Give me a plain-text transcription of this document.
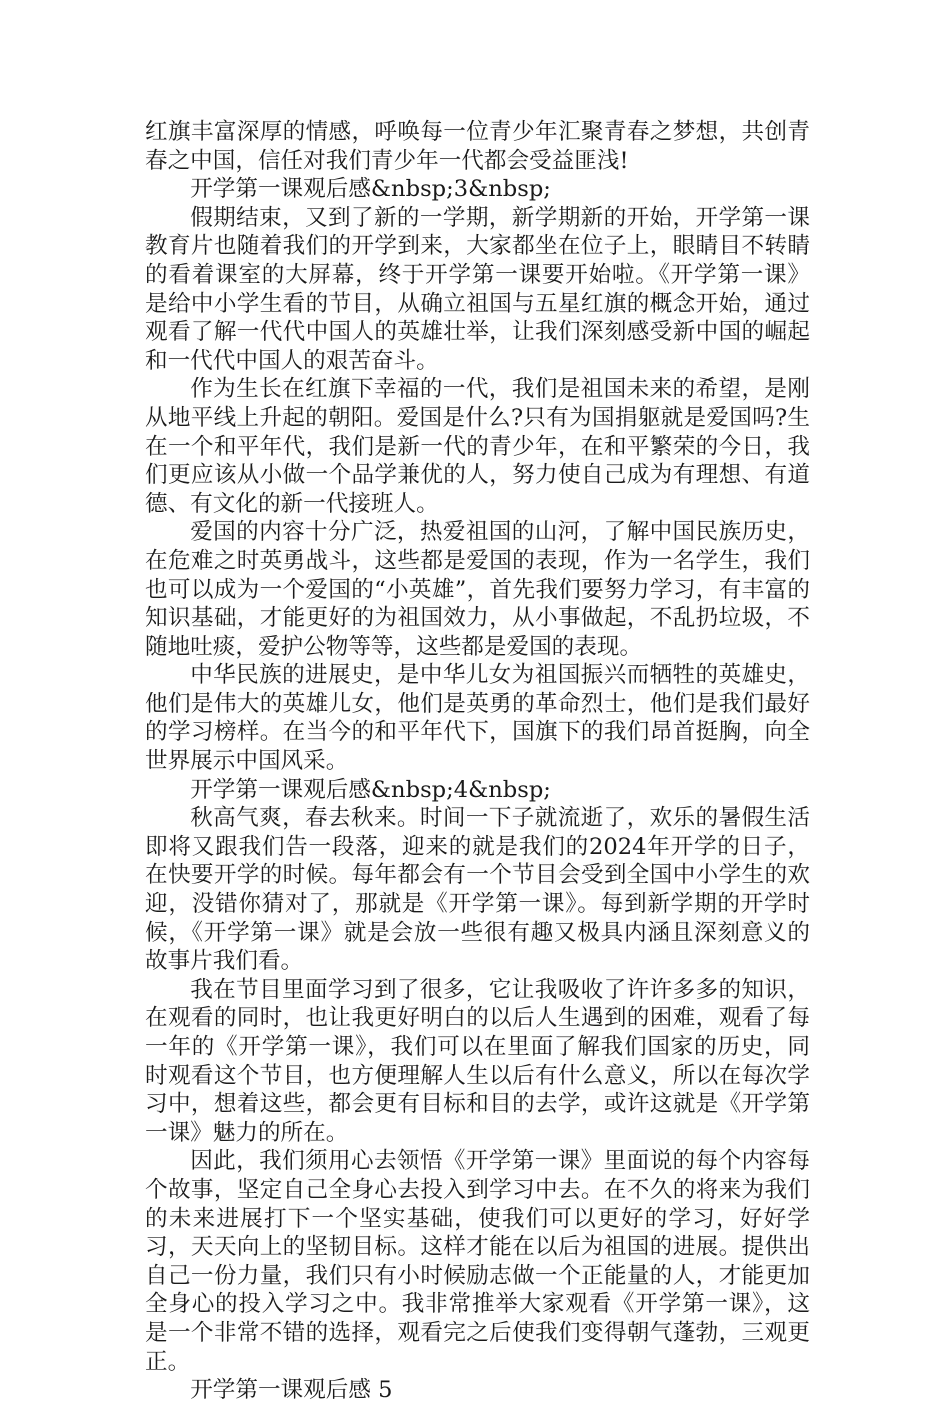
红旗丰富深厚的情感，呼唤每一位青少年汇聚青春之梦想，共创青春之中国，信任对我们青少年一代都会受益匪浅!

开学第一课观后感&nbsp;3&nbsp;

假期结束，又到了新的一学期，新学期新的开始，开学第一课教育片也随着我们的开学到来，大家都坐在位子上，眼睛目不转睛的看着课室的大屏幕，终于开学第一课要开始啦。《开学第一课》是给中小学生看的节目，从确立祖国与五星红旗的概念开始，通过观看了解一代代中国人的英雄壮举，让我们深刻感受新中国的崛起和一代代中国人的艰苦奋斗。

作为生长在红旗下幸福的一代，我们是祖国未来的希望，是刚从地平线上升起的朝阳。爱国是什么?只有为国捐躯就是爱国吗?生在一个和平年代，我们是新一代的青少年，在和平繁荣的今日，我们更应该从小做一个品学兼优的人，努力使自己成为有理想、有道德、有文化的新一代接班人。

爱国的内容十分广泛，热爱祖国的山河，了解中国民族历史，在危难之时英勇战斗，这些都是爱国的表现，作为一名学生，我们也可以成为一个爱国的“小英雄”，首先我们要努力学习，有丰富的知识基础，才能更好的为祖国效力，从小事做起，不乱扔垃圾，不随地吐痰，爱护公物等等，这些都是爱国的表现。

中华民族的进展史，是中华儿女为祖国振兴而牺牲的英雄史，他们是伟大的英雄儿女，他们是英勇的革命烈士，他们是我们最好的学习榜样。在当今的和平年代下，国旗下的我们昂首挺胸，向全世界展示中国风采。

开学第一课观后感&nbsp;4&nbsp;

秋高气爽，春去秋来。时间一下子就流逝了，欢乐的暑假生活即将又跟我们告一段落，迎来的就是我们的2024年开学的日子，在快要开学的时候。每年都会有一个节目会受到全国中小学生的欢迎，没错你猜对了，那就是《开学第一课》。每到新学期的开学时候，《开学第一课》就是会放一些很有趣又极具内涵且深刻意义的故事片我们看。

我在节目里面学习到了很多，它让我吸收了许许多多的知识，在观看的同时，也让我更好明白的以后人生遇到的困难，观看了每一年的《开学第一课》，我们可以在里面了解我们国家的历史，同时观看这个节目，也方便理解人生以后有什么意义，所以在每次学习中，想着这些，都会更有目标和目的去学，或许这就是《开学第一课》魅力的所在。

因此，我们须用心去领悟《开学第一课》里面说的每个内容每个故事，坚定自己全身心去投入到学习中去。在不久的将来为我们的未来进展打下一个坚实基础，使我们可以更好的学习，好好学习，天天向上的坚韧目标。这样才能在以后为祖国的进展。提供出自己一份力量，我们只有小时候励志做一个正能量的人，才能更加全身心的投入学习之中。我非常推举大家观看《开学第一课》，这是一个非常不错的选择，观看完之后使我们变得朝气蓬勃，三观更正。

开学第一课观后感 5
